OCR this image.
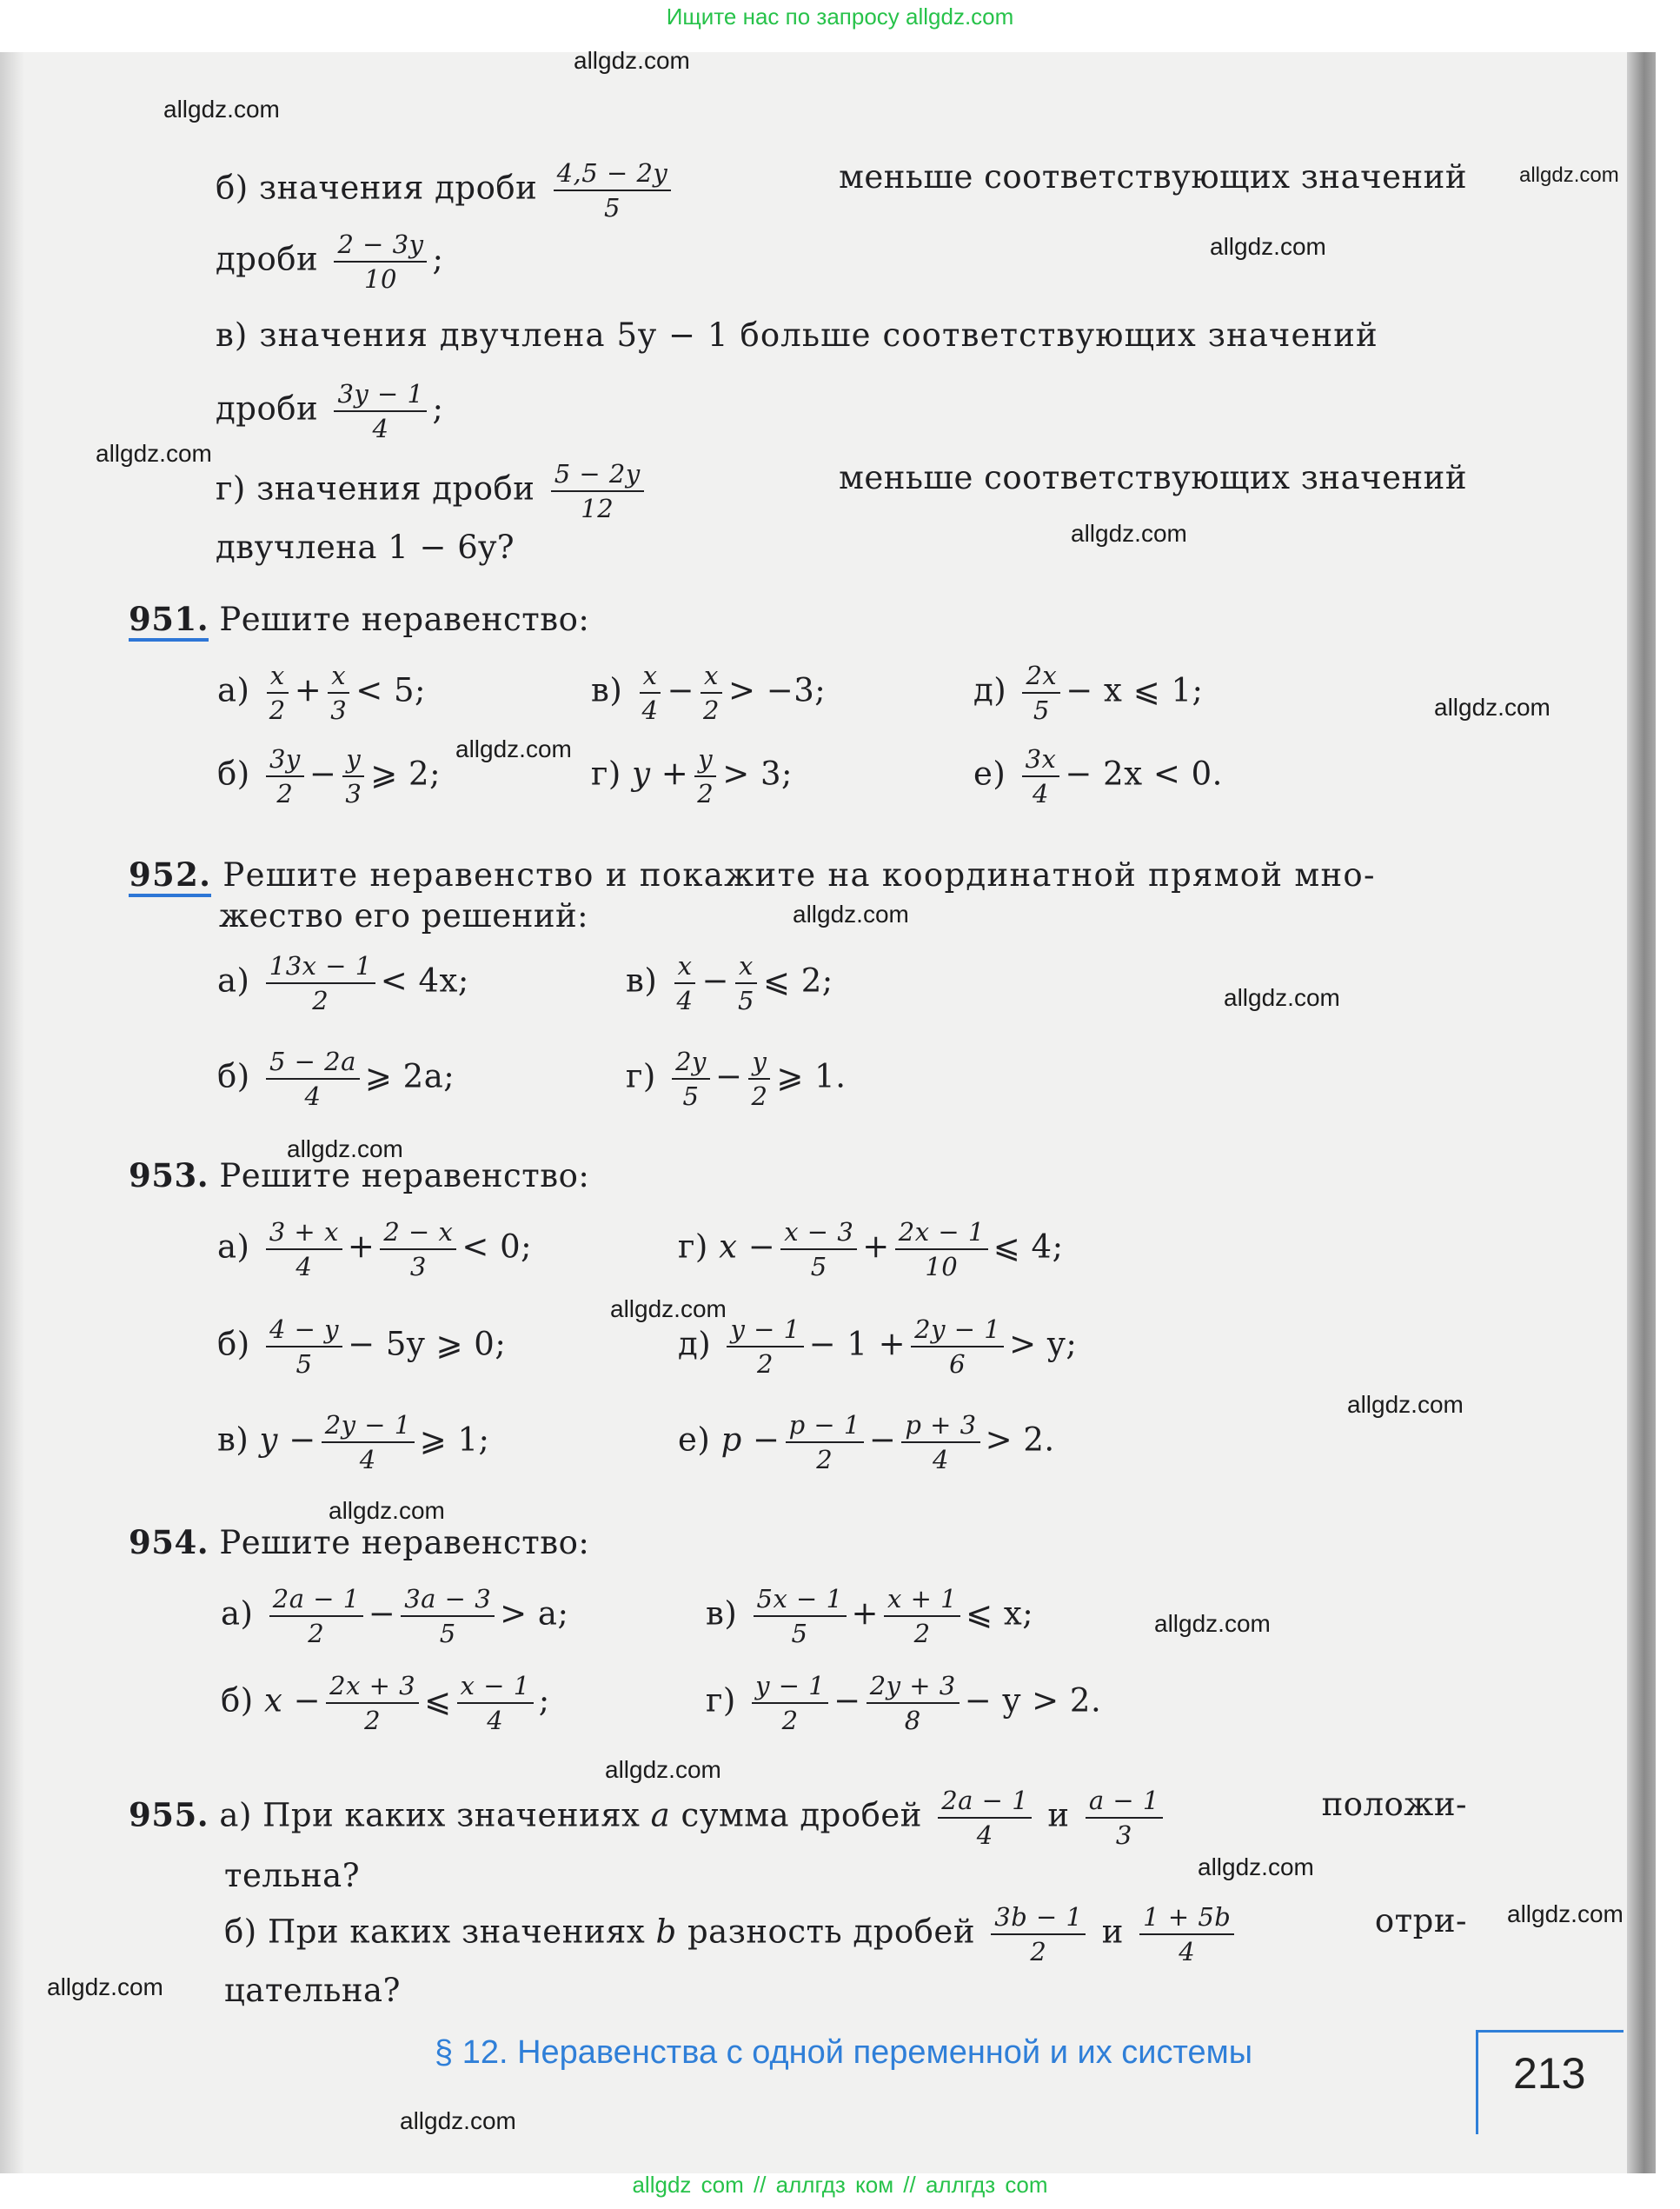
Ищите нас по запросу allgdz.com
allgdz.com
allgdz.com
allgdz.com
allgdz.com
allgdz.com
allgdz.com
allgdz.com
allgdz.com
allgdz.com
allgdz.com
allgdz.com
allgdz.com
allgdz.com
allgdz.com
allgdz.com
allgdz.com
allgdz.com
allgdz.com
allgdz.com
allgdz.com
б) значения дроби $\frac{4,5 - 2y}{5}$	меньше соответствующих значений
дроби $\frac{2 - 3y}{10}$ ;
в) значения двучлена 5y − 1 больше соответствующих значений
дроби $\frac{3y - 1}{4}$ ;
г) значения дроби $\frac{5 - 2y}{12}$	меньше соответствующих значений
двучлена 1 − 6y?
951. Решите неравенство:
$а) \frac{x}{2} + \frac{x}{3} < 5$;	$в) \frac{x}{4} - \frac{x}{2} > -3$;	$д) \frac{2x}{5} - x$ ⩽ 1;
$б) \frac{3y}{2} - \frac{y}{3}$ ⩾ 2;	г) $y + \frac{y}{2} > 3$;	$е) \frac{3x}{4} - 2x < 0$.
952. Решите неравенство и покажите на координатной прямой мно-
жество его решений:
$а) \frac{13x - 1}{2} < 4x$;	$в) \frac{x}{4} - \frac{x}{5}$ ⩽ 2;
$б) \frac{5 - 2a}{4}$ ⩾ 2a;	$г) \frac{2y}{5} - \frac{y}{2}$ ⩾ 1.
953. Решите неравенство:
$а) \frac{3 + x}{4} + \frac{2 - x}{3} < 0$;	г) $x - \frac{x - 3}{5} + \frac{2x - 1}{10}$ ⩽ 4;
$б) \frac{4 - y}{5} - 5y$ ⩾ 0;	$д) \frac{y - 1}{2} - 1 + \frac{2y - 1}{6} > y$;
в) $y - \frac{2y - 1}{4}$ ⩾ 1;	е) $p - \frac{p - 1}{2} - \frac{p + 3}{4} > 2$.
954. Решите неравенство:
$а) \frac{2a - 1}{2} - \frac{3a - 3}{5} > a$;	$в) \frac{5x - 1}{5} + \frac{x + 1}{2}$ ⩽ x;
б) $x - \frac{2x + 3}{2}$ ⩽ $\frac{x - 1}{4}$ ;	$г) \frac{y - 1}{2} - \frac{2y + 3}{8} - y > 2$.
955. а) При каких значениях a сумма дробей $\frac{2a - 1}{4}$ и $\frac{a - 1}{3}$	положи-
тельна?
б) При каких значениях b разность дробей $\frac{3b - 1}{2}$ и $\frac{1 + 5b}{4}$	отри-
цательна?
§ 12. Неравенства с одной переменной и их системы	213
allgdz com // аллгдз ком // аллгдз com
